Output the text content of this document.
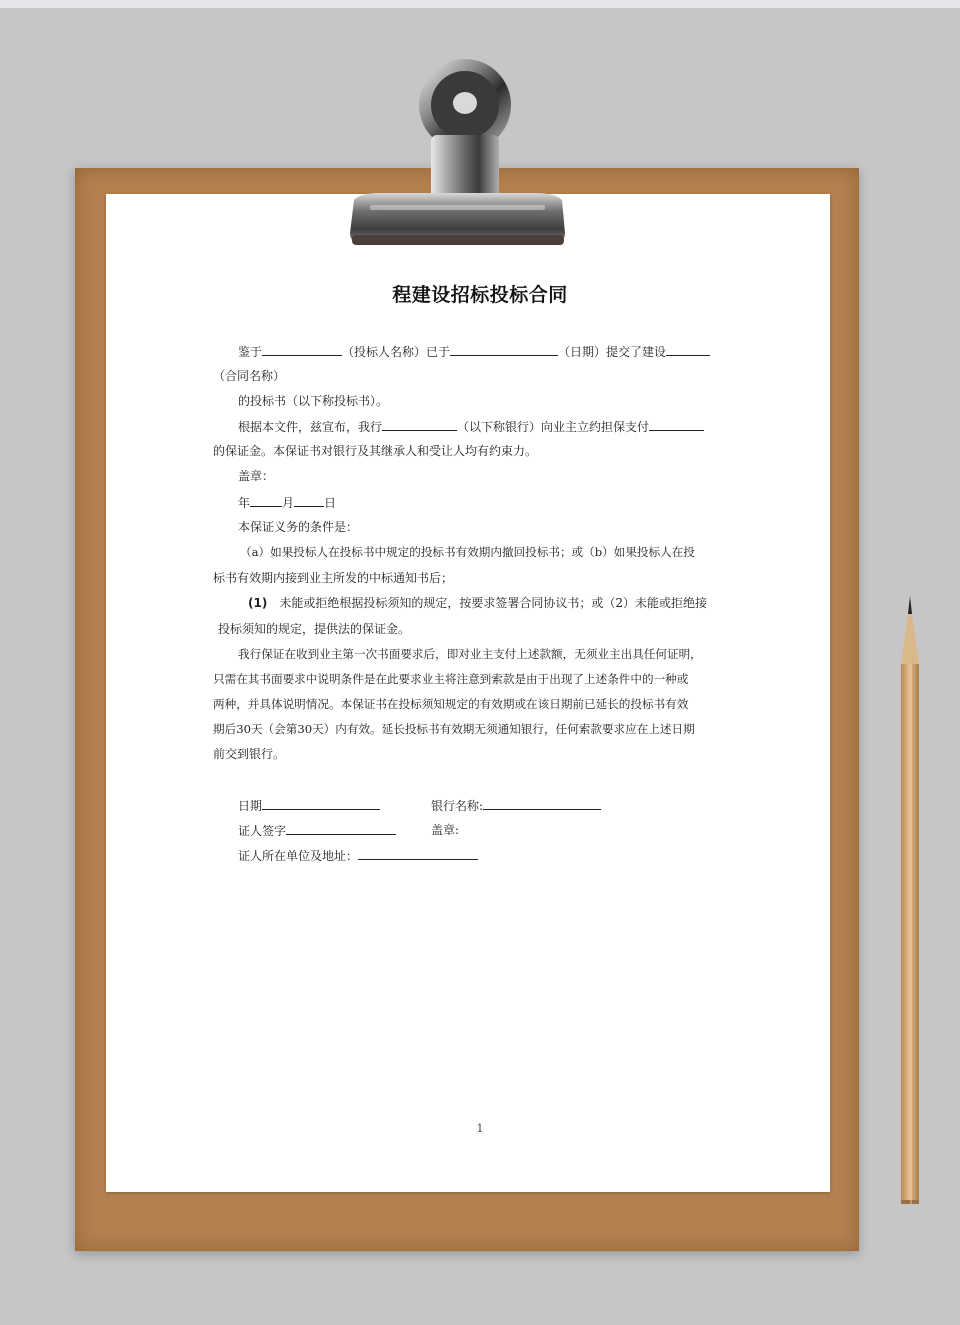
程建设招标投标合同
鉴于	（投标人名称）已于	（日期）提交了建设
（合同名称）
的投标书（以下称投标书）。
根据本文件，兹宣布，我行	（以下称银行）向业主立约担保支付
的保证金。本保证书对银行及其继承人和受让人均有约束力。
盖章：
年	月	日
本保证义务的条件是：
（a）如果投标人在投标书中规定的投标书有效期内撤回投标书；或（b）如果投标人在投
标书有效期内接到业主所发的中标通知书后；
(1) 未能或拒绝根据投标须知的规定，按要求签署合同协议书；或（2）未能或拒绝接
投标须知的规定，提供法的保证金。
我行保证在收到业主第一次书面要求后，即对业主支付上述款额，无须业主出具任何证明，
只需在其书面要求中说明条件是在此要求业主将注意到索款是由于出现了上述条件中的一种或
两种，并具体说明情况。本保证书在投标须知规定的有效期或在该日期前已延长的投标书有效
期后30天（会第30天）内有效。延长投标书有效期无须通知银行，任何索款要求应在上述日期
前交到银行。
日期	银行名称:
证人签字	盖章:
证人所在单位及地址：
1
